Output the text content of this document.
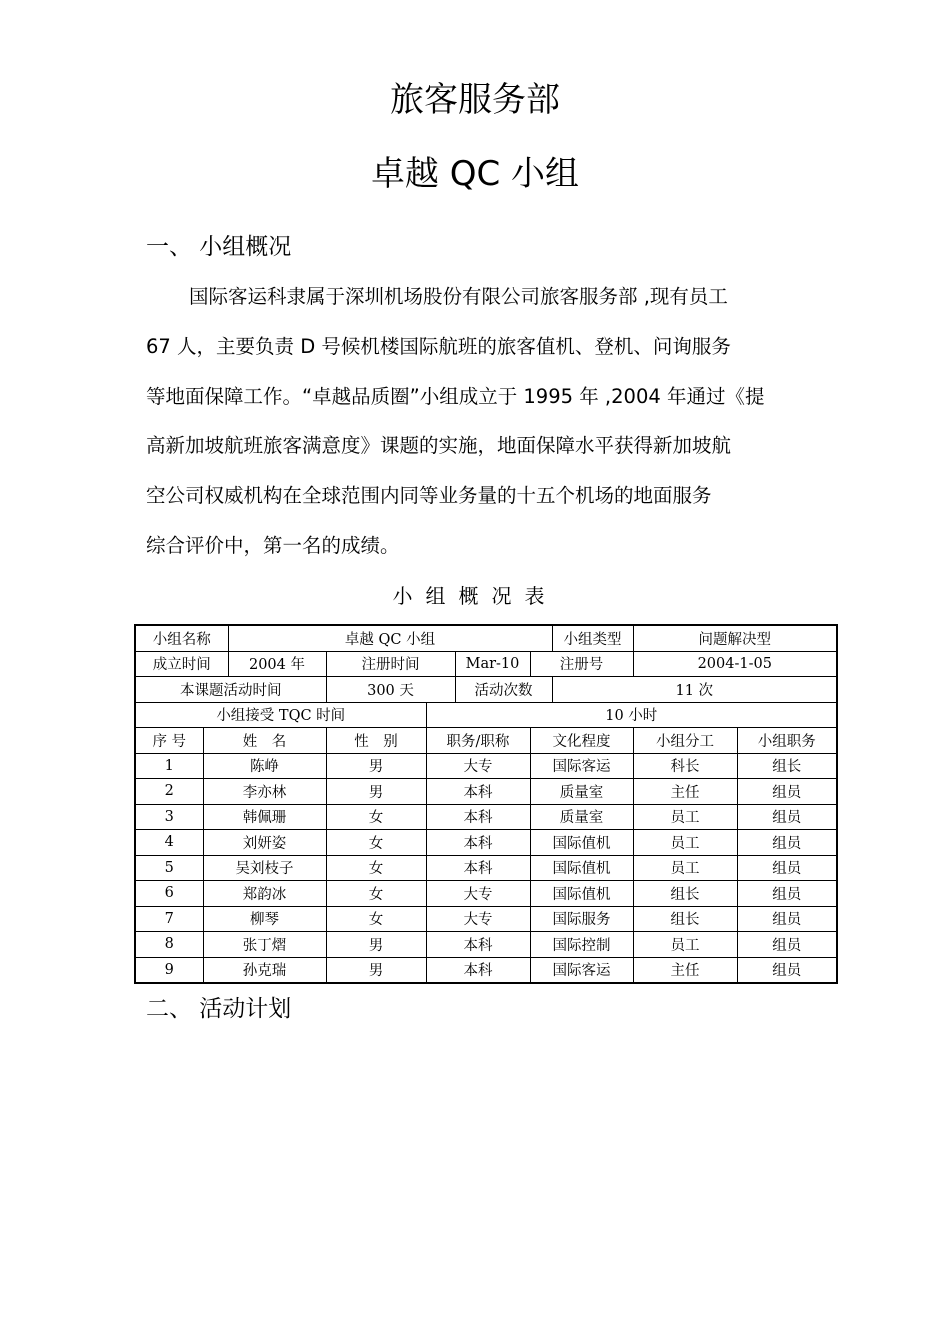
旅客服务部
卓越 QC 小组
一、 小组概况
国际客运科隶属于深圳机场股份有限公司旅客服务部 ,现有员工
67 人，主要负责 D 号候机楼国际航班的旅客值机、登机、问询服务
等地面保障工作。“卓越品质圈”小组成立于 1995 年 ,2004 年通过《提
高新加坡航班旅客满意度》课题的实施，地面保障水平获得新加坡航
空公司权威机构在全球范围内同等业务量的十五个机场的地面服务
综合评价中，第一名的成绩。
小组概况表
小组名称		卓越 QC 小组					小组类型	问题解决型	
成立时间		2004 年	注册时间		Mar-10	注册号		2004-1-05	
本课题活动时间			300 天		活动次数		11 次		
小组接受 TQC 时间				10 小时					
序 号	姓　名		性　别	职务/职称		文化程度		小组分工	小组职务
1	陈峥		男	大专		国际客运		科长	组长
2	李亦林		男	本科		质量室		主任	组员
3	韩佩珊		女	本科		质量室		员工	组员
4	刘妍姿		女	本科		国际值机		员工	组员
5	吴刘枝子		女	本科		国际值机		员工	组员
6	郑韵冰		女	大专		国际值机		组长	组员
7	柳琴		女	大专		国际服务		组长	组员
8	张丁熠		男	本科		国际控制		员工	组员
9	孙克瑞		男	本科		国际客运		主任	组员
二、 活动计划
